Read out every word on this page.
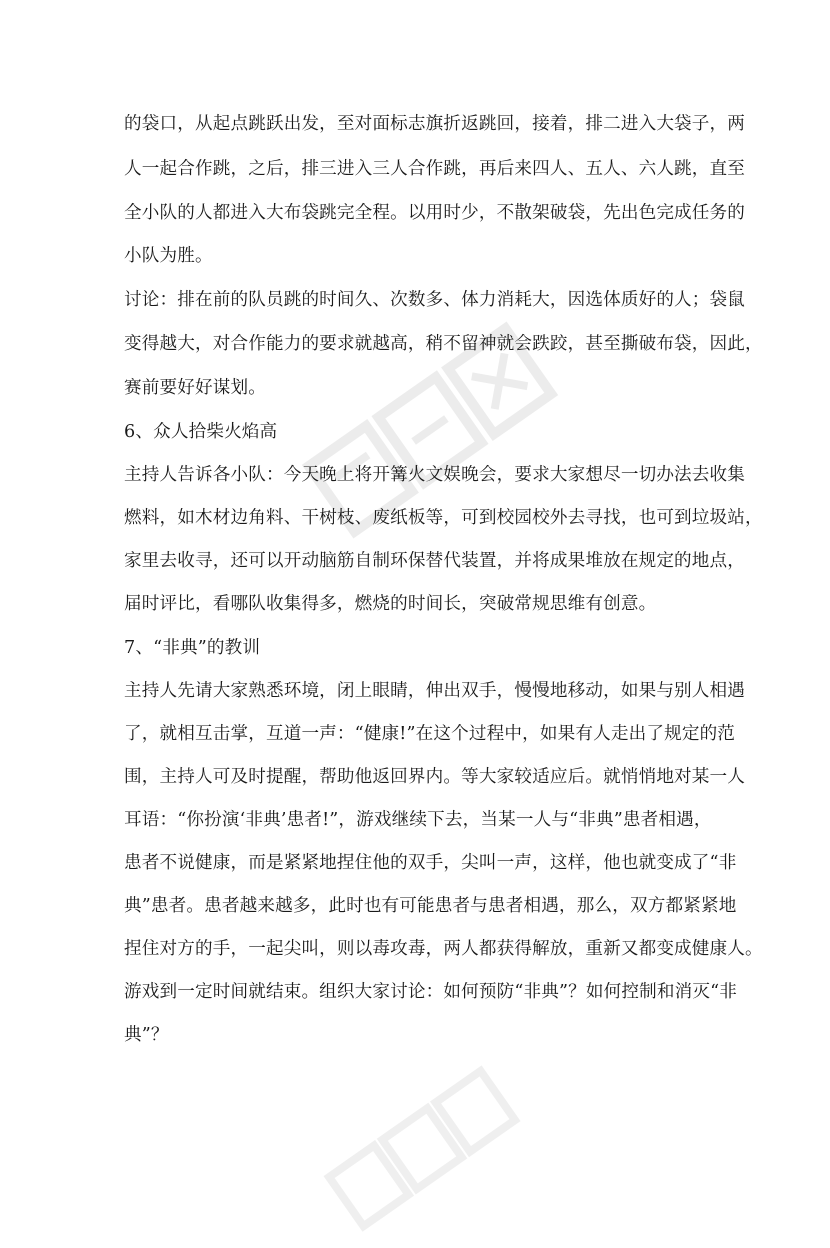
的袋口，从起点跳跃出发，至对面标志旗折返跳回，接着，排二进入大袋子，两
人一起合作跳，之后，排三进入三人合作跳，再后来四人、五人、六人跳，直至
全小队的人都进入大布袋跳完全程。以用时少，不散架破袋，先出色完成任务的
小队为胜。
讨论：排在前的队员跳的时间久、次数多、体力消耗大，因选体质好的人；袋鼠
变得越大，对合作能力的要求就越高，稍不留神就会跌跤，甚至撕破布袋，因此，
赛前要好好谋划。
6、众人拾柴火焰高
主持人告诉各小队：今天晚上将开篝火文娱晚会，要求大家想尽一切办法去收集
燃料，如木材边角料、干树枝、废纸板等，可到校园校外去寻找，也可到垃圾站，
家里去收寻，还可以开动脑筋自制环保替代装置，并将成果堆放在规定的地点，
届时评比，看哪队收集得多，燃烧的时间长，突破常规思维有创意。
7、“非典”的教训
主持人先请大家熟悉环境，闭上眼睛，伸出双手，慢慢地移动，如果与别人相遇
了，就相互击掌，互道一声：“健康!”在这个过程中，如果有人走出了规定的范
围，主持人可及时提醒，帮助他返回界内。等大家较适应后。就悄悄地对某一人
耳语：“你扮演‘非典’患者!”，游戏继续下去，当某一人与“非典”患者相遇，
患者不说健康，而是紧紧地捏住他的双手，尖叫一声，这样，他也就变成了“非
典”患者。患者越来越多，此时也有可能患者与患者相遇，那么，双方都紧紧地
捏住对方的手，一起尖叫，则以毒攻毒，两人都获得解放，重新又都变成健康人。
游戏到一定时间就结束。组织大家讨论：如何预防“非典”？如何控制和消灭“非
典”？
